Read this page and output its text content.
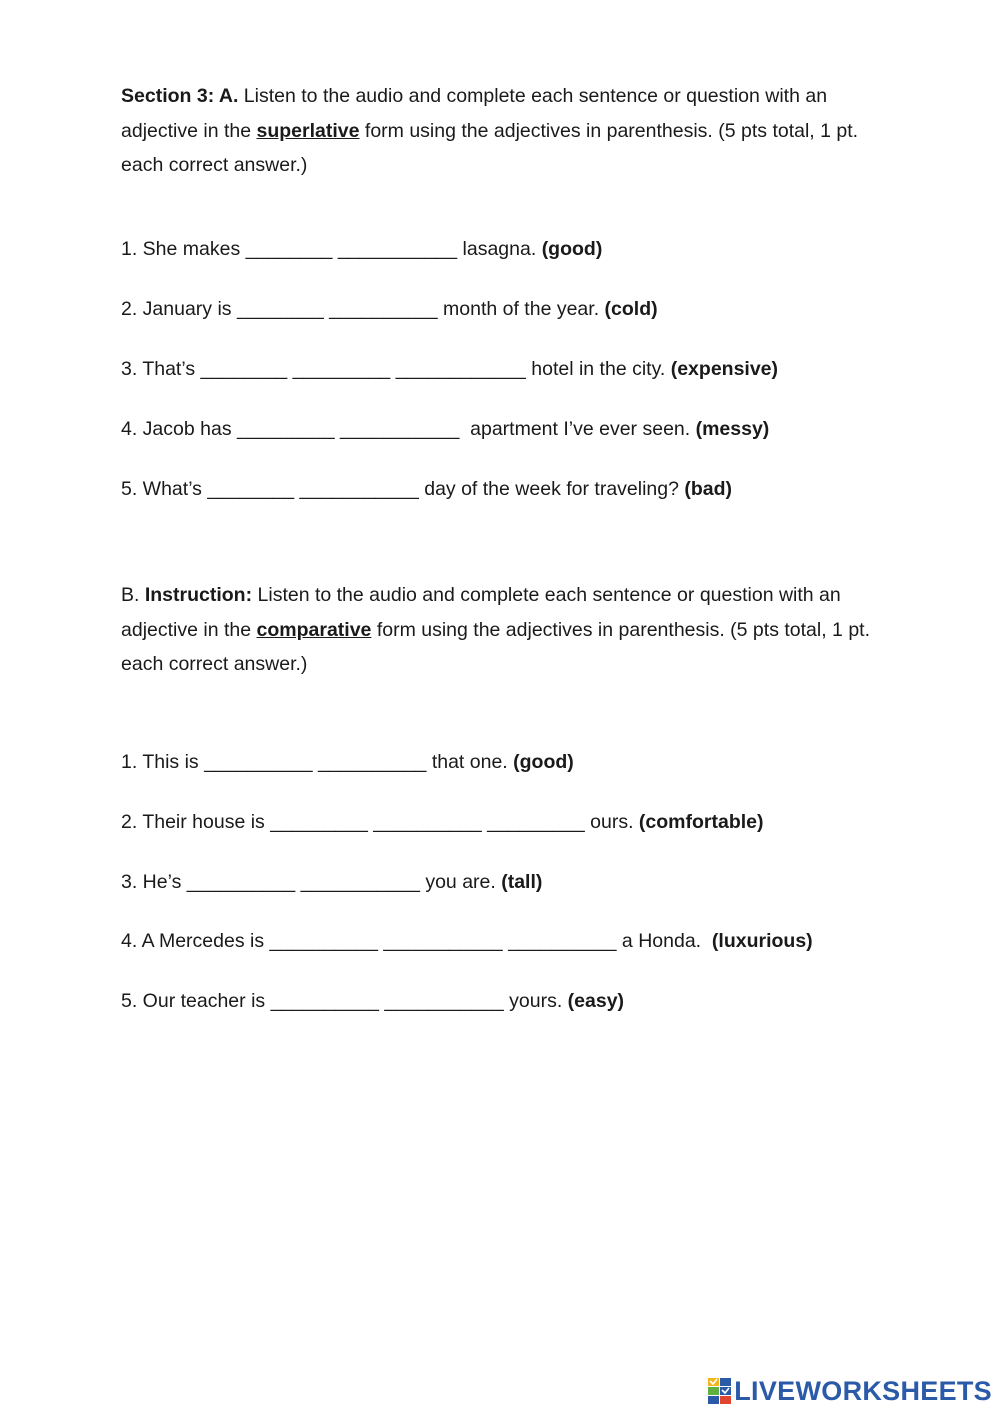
Section 3: A. Listen to the audio and complete each sentence or question with an adjective in the superlative form using the adjectives in parenthesis. (5 pts total, 1 pt. each correct answer.)

1. She makes ________ ___________ lasagna. (good)

2. January is ________ __________ month of the year. (cold)

3. That’s ________ _________ ____________ hotel in the city. (expensive)

4. Jacob has _________ ___________  apartment I’ve ever seen. (messy)

5. What’s ________ ___________ day of the week for traveling? (bad)

B. Instruction: Listen to the audio and complete each sentence or question with an adjective in the comparative form using the adjectives in parenthesis. (5 pts total, 1 pt. each correct answer.)

1. This is __________ __________ that one. (good)

2. Their house is _________ __________ _________ ours. (comfortable)

3. He’s __________ ___________ you are. (tall)

4. A Mercedes is __________ ___________ __________ a Honda.  (luxurious)

5. Our teacher is __________ ___________ yours. (easy)

LIVEWORKSHEETS
